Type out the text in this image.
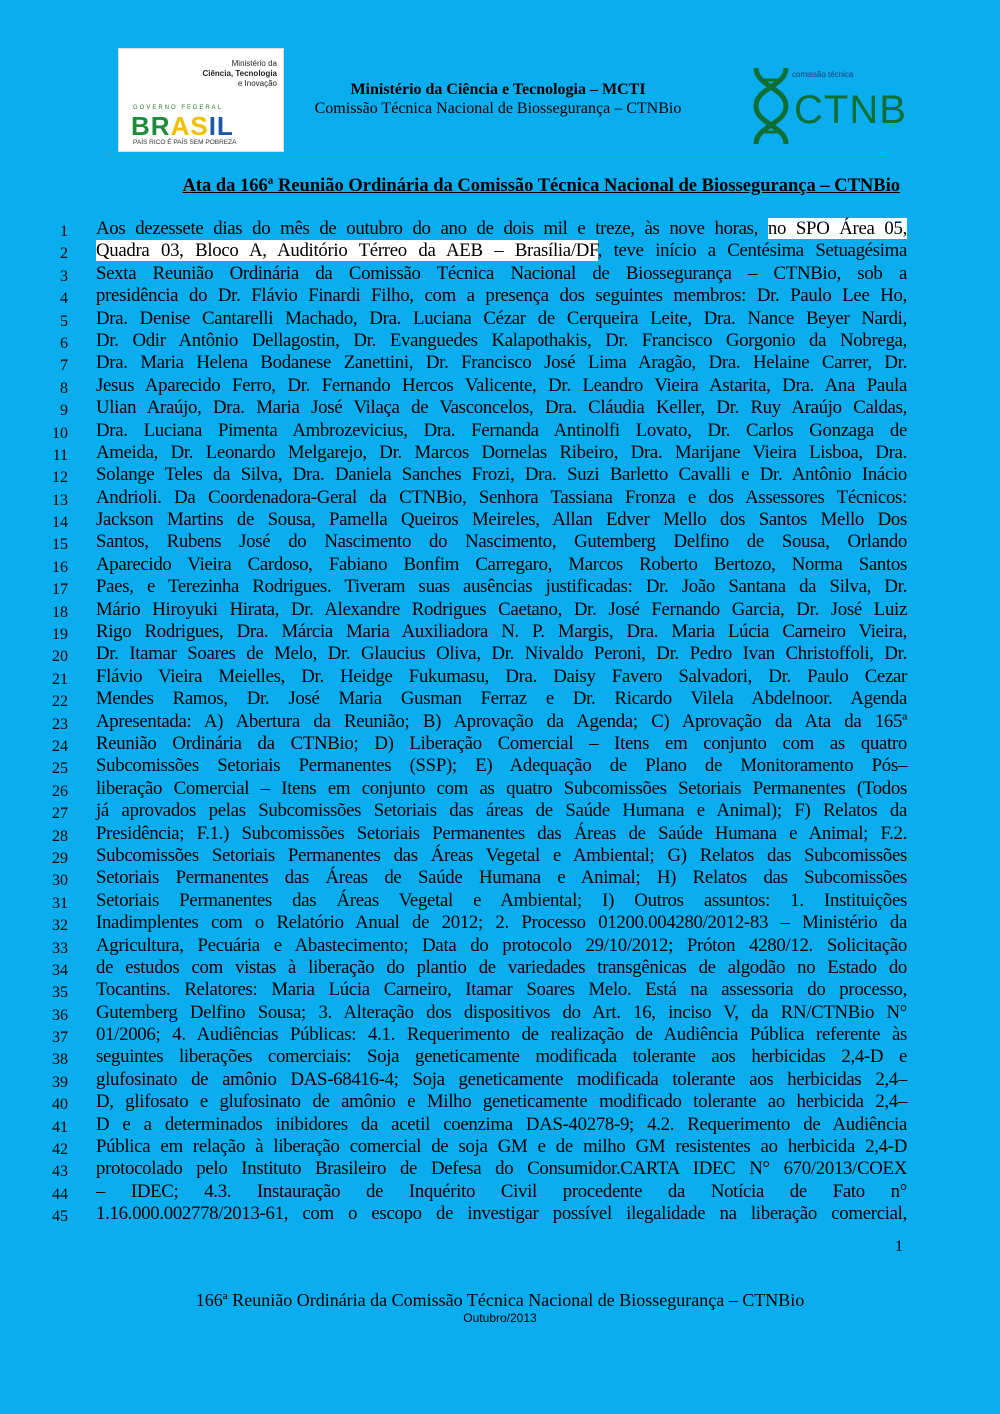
Ministério da
Ciência, Tecnologia
e Inovação
GOVERNO FEDERAL
BRASIL
PAÍS RICO É PAÍS SEM POBREZA
Ministério da Ciência e Tecnologia – MCTI
Comissão Técnica Nacional de Biossegurança – CTNBio
comissão técnica
CTNB
Ata da 166ª Reunião Ordinária da Comissão Técnica Nacional de Biossegurança – CTNBio
1 Aos dezessete dias do mês de outubro do ano de dois mil e treze, às nove horas, no SPO Área 05,
2 Quadra 03, Bloco A, Auditório Térreo da AEB – Brasília/DF, teve início a Centésima Setuagésima
3 Sexta Reunião Ordinária da Comissão Técnica Nacional de Biossegurança – CTNBio, sob a
4 presidência do Dr. Flávio Finardi Filho, com a presença dos seguintes membros: Dr. Paulo Lee Ho,
5 Dra. Denise Cantarelli Machado, Dra. Luciana Cézar de Cerqueira Leite, Dra. Nance Beyer Nardi,
6 Dr. Odir Antônio Dellagostin, Dr. Evanguedes Kalapothakis, Dr. Francisco Gorgonio da Nobrega,
7 Dra. Maria Helena Bodanese Zanettini, Dr. Francisco José Lima Aragão, Dra. Helaine Carrer, Dr.
8 Jesus Aparecido Ferro, Dr. Fernando Hercos Valicente, Dr. Leandro Vieira Astarita, Dra. Ana Paula
9 Ulian Araújo, Dra. Maria José Vilaça de Vasconcelos, Dra. Cláudia Keller, Dr. Ruy Araújo Caldas,
10 Dra. Luciana Pimenta Ambrozevicius, Dra. Fernanda Antinolfi Lovato, Dr. Carlos Gonzaga de
11 Ameida, Dr. Leonardo Melgarejo, Dr. Marcos Dornelas Ribeiro, Dra. Marijane Vieira Lisboa, Dra.
12 Solange Teles da Silva, Dra. Daniela Sanches Frozi, Dra. Suzi Barletto Cavalli e Dr. Antônio Inácio
13 Andrioli. Da Coordenadora-Geral da CTNBio, Senhora Tassiana Fronza e dos Assessores Técnicos:
14 Jackson Martins de Sousa, Pamella Queiros Meireles, Allan Edver Mello dos Santos Mello Dos
15 Santos, Rubens José do Nascimento do Nascimento, Gutemberg Delfino de Sousa, Orlando
16 Aparecido Vieira Cardoso, Fabiano Bonfim Carregaro, Marcos Roberto Bertozo, Norma Santos
17 Paes, e Terezinha Rodrigues. Tiveram suas ausências justificadas: Dr. João Santana da Silva, Dr.
18 Mário Hiroyuki Hirata, Dr. Alexandre Rodrigues Caetano, Dr. José Fernando Garcia, Dr. José Luiz
19 Rigo Rodrigues, Dra. Márcia Maria Auxiliadora N. P. Margis, Dra. Maria Lúcia Carneiro Vieira,
20 Dr. Itamar Soares de Melo, Dr. Glaucius Oliva, Dr. Nivaldo Peroni, Dr. Pedro Ivan Christoffoli, Dr.
21 Flávio Vieira Meielles, Dr. Heidge Fukumasu, Dra. Daisy Favero Salvadori, Dr. Paulo Cezar
22 Mendes Ramos, Dr. José Maria Gusman Ferraz e Dr. Ricardo Vilela Abdelnoor. Agenda
23 Apresentada: A) Abertura da Reunião; B) Aprovação da Agenda; C) Aprovação da Ata da 165ª
24 Reunião Ordinária da CTNBio; D) Liberação Comercial – Itens em conjunto com as quatro
25 Subcomissões Setoriais Permanentes (SSP); E) Adequação de Plano de Monitoramento Pós–
26 liberação Comercial – Itens em conjunto com as quatro Subcomissões Setoriais Permanentes (Todos
27 já aprovados pelas Subcomissões Setoriais das áreas de Saúde Humana e Animal); F) Relatos da
28 Presidência; F.1.) Subcomissões Setoriais Permanentes das Áreas de Saúde Humana e Animal; F.2.
29 Subcomissões Setoriais Permanentes das Áreas Vegetal e Ambiental; G) Relatos das Subcomissões
30 Setoriais Permanentes das Áreas de Saúde Humana e Animal; H) Relatos das Subcomissões
31 Setoriais Permanentes das Áreas Vegetal e Ambiental; I) Outros assuntos: 1. Instituições
32 Inadimplentes com o Relatório Anual de 2012; 2. Processo 01200.004280/2012-83 – Ministério da
33 Agricultura, Pecuária e Abastecimento; Data do protocolo 29/10/2012; Próton 4280/12. Solicitação
34 de estudos com vistas à liberação do plantio de variedades transgênicas de algodão no Estado do
35 Tocantins. Relatores: Maria Lúcia Carneiro, Itamar Soares Melo. Está na assessoria do processo,
36 Gutemberg Delfino Sousa; 3. Alteração dos dispositivos do Art. 16, inciso V, da RN/CTNBio N°
37 01/2006; 4. Audiências Públicas: 4.1. Requerimento de realização de Audiência Pública referente às
38 seguintes liberações comerciais: Soja geneticamente modificada tolerante aos herbicidas 2,4-D e
39 glufosinato de amônio DAS-68416-4; Soja geneticamente modificada tolerante aos herbicidas 2,4–
40 D, glifosato e glufosinato de amônio e Milho geneticamente modificado tolerante ao herbicida 2,4–
41 D e a determinados inibidores da acetil coenzima DAS-40278-9; 4.2. Requerimento de Audiência
42 Pública em relação à liberação comercial de soja GM e de milho GM resistentes ao herbicida 2,4-D
43 protocolado pelo Instituto Brasileiro de Defesa do Consumidor.CARTA IDEC N° 670/2013/COEX
44 – IDEC; 4.3. Instauração de Inquérito Civil procedente da Notícia de Fato n°
45 1.16.000.002778/2013-61, com o escopo de investigar possível ilegalidade na liberação comercial,
1
166ª Reunião Ordinária da Comissão Técnica Nacional de Biossegurança – CTNBio
Outubro/2013
